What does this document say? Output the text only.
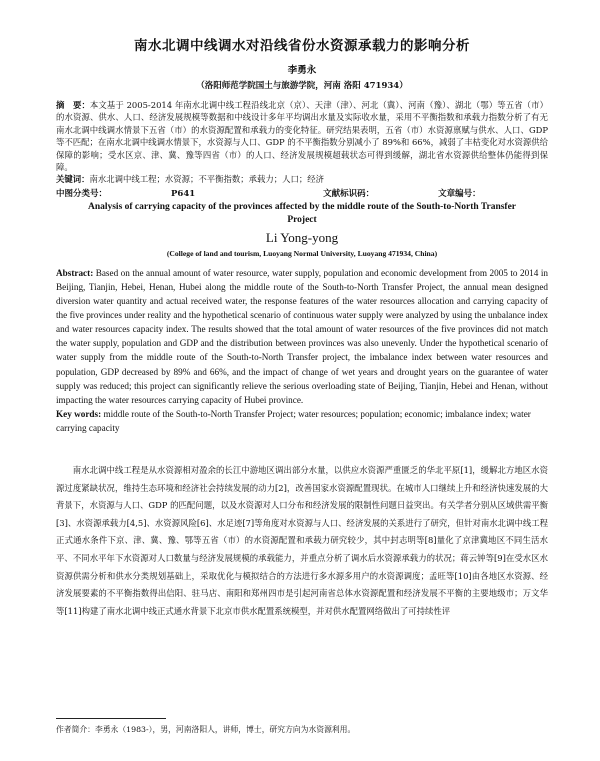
南水北调中线调水对沿线省份水资源承载力的影响分析
李勇永
（洛阳师范学院国土与旅游学院，河南 洛阳 471934）

摘　要：本文基于 2005-2014 年南水北调中线工程沿线北京（京）、天津（津）、河北（冀）、河南（豫）、湖北（鄂）等五省（市）的水资源、供水、人口、经济发展规模等数据和中线设计多年平均调出水量及实际收水量，采用不平衡指数和承载力指数分析了有无南水北调中线调水情景下五省（市）的水资源配置和承载力的变化特征。研究结果表明，五省（市）水资源禀赋与供水、人口、GDP 等不匹配；在南水北调中线调水情景下，水资源与人口、GDP 的不平衡指数分别减小了 89%和 66%，减弱了丰枯变化对水资源供给保障的影响；受水区京、津、冀、豫等四省（市）的人口、经济发展规模超载状态可得到缓解，湖北省水资源供给整体仍能得到保障。

关键词：南水北调中线工程；水资源；不平衡指数；承载力；人口；经济

中图分类号：	P641	文献标识码：	文章编号：
Analysis of carrying capacity of the provinces affected by the middle route of the South-to-North Transfer Project
Li Yong-yong
(College of land and tourism, Luoyang Normal University, Luoyang 471934, China)

Abstract: Based on the annual amount of water resource, water supply, population and economic development from 2005 to 2014 in Beijing, Tianjin, Hebei, Henan, Hubei along the middle route of the South-to-North Transfer Project, the annual mean designed diversion water quantity and actual received water, the response features of the water resources allocation and carrying capacity of the five provinces under reality and the hypothetical scenario of continuous water supply were analyzed by using the unbalance index and water resources capacity index. The results showed that the total amount of water resources of the five provinces did not match the water supply, population and GDP and the distribution between provinces was also unevenly. Under the hypothetical scenario of water supply from the middle route of the South-to-North Transfer project, the imbalance index between water resources and population, GDP decreased by 89% and 66%, and the impact of change of wet years and drought years on the guarantee of water supply was reduced; this project can significantly relieve the serious overloading state of Beijing, Tianjin, Hebei and Henan, without impacting the water resources carrying capacity of Hubei province.

Key words: middle route of the South-to-North Transfer Project; water resources; population; economic; imbalance index; water carrying capacity

南水北调中线工程是从水资源相对盈余的长江中游地区调出部分水量，以供应水资源严重匮乏的华北平原[1]，缓解北方地区水资源过度紧缺状况，维持生态环境和经济社会持续发展的动力[2]，改善国家水资源配置现状。在城市人口继续上升和经济快速发展的大背景下，水资源与人口、GDP 的匹配问题，以及水资源对人口分布和经济发展的限制性问题日益突出。有关学者分别从区域供需平衡[3]、水资源承载力[4,5]、水资源风险[6]、水足迹[7]等角度对水资源与人口、经济发展的关系进行了研究，但针对南水北调中线工程正式通水条件下京、津、冀、豫、鄂等五省（市）的水资源配置和承载力研究较少，其中封志明等[8]量化了京津冀地区不同生活水平、不同水平年下水资源对人口数量与经济发展规模的承载能力，并重点分析了调水后水资源承载力的状况；蒋云钟等[9]在受水区水资源供需分析和供水分类规划基础上，采取优化与模拟结合的方法进行多水源多用户的水资源调度；孟旺等[10]由各地区水资源、经济发展要素的不平衡指数得出信阳、驻马店、南阳和郑州四市是引起河南省总体水资源配置和经济发展不平衡的主要地级市；万文华等[11]构建了南水北调中线正式通水背景下北京市供水配置系统模型，并对供水配置网络做出了可持续性评

作者简介：李勇永（1983-），男，河南洛阳人，讲师，博士，研究方向为水资源利用。
